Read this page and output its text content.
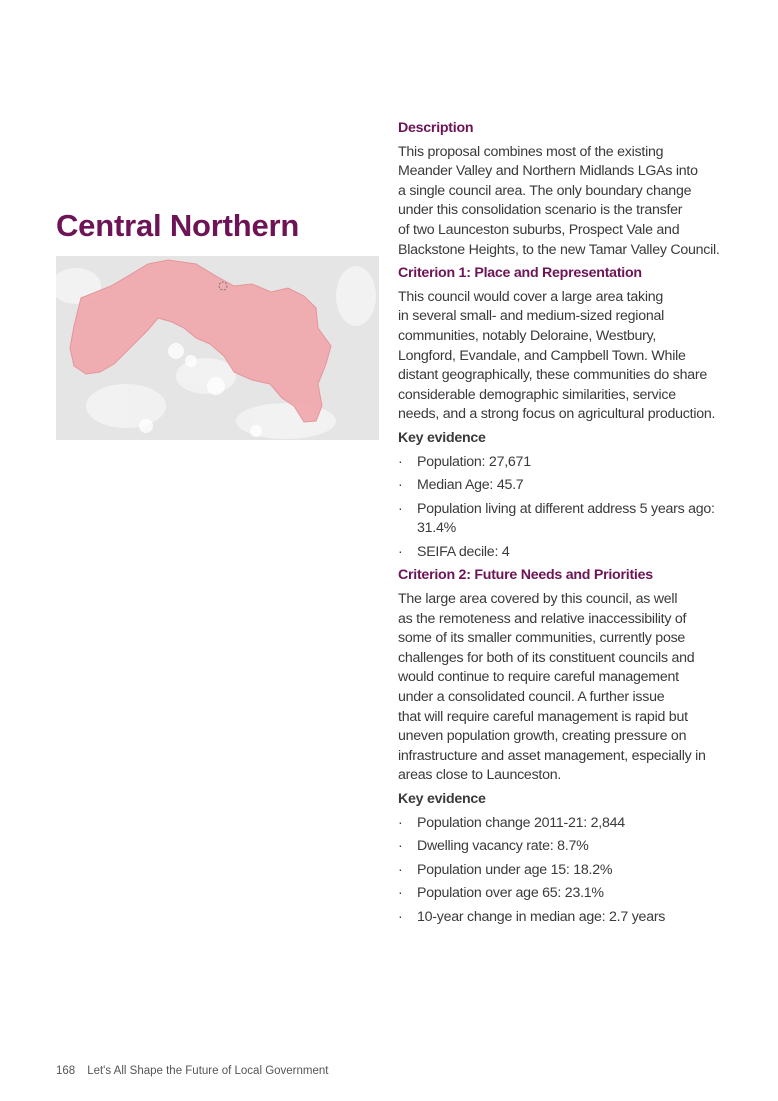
Central Northern
Description
This proposal combines most of the existing
Meander Valley and Northern Midlands LGAs into
a single council area. The only boundary change
under this consolidation scenario is the transfer
of two Launceston suburbs, Prospect Vale and
Blackstone Heights, to the new Tamar Valley Council.
Criterion 1: Place and Representation
This council would cover a large area taking
in several small- and medium-sized regional
communities, notably Deloraine, Westbury,
Longford, Evandale, and Campbell Town. While
distant geographically, these communities do share
considerable demographic similarities, service
needs, and a strong focus on agricultural production.
Key evidence
· Population: 27,671
· Median Age: 45.7
· Population living at different address 5 years ago: 31.4%
· SEIFA decile: 4
Criterion 2: Future Needs and Priorities
The large area covered by this council, as well
as the remoteness and relative inaccessibility of
some of its smaller communities, currently pose
challenges for both of its constituent councils and
would continue to require careful management
under a consolidated council. A further issue
that will require careful management is rapid but
uneven population growth, creating pressure on
infrastructure and asset management, especially in
areas close to Launceston.
Key evidence
· Population change 2011-21: 2,844
· Dwelling vacancy rate: 8.7%
· Population under age 15: 18.2%
· Population over age 65: 23.1%
· 10-year change in median age: 2.7 years
168 Let's All Shape the Future of Local Government
